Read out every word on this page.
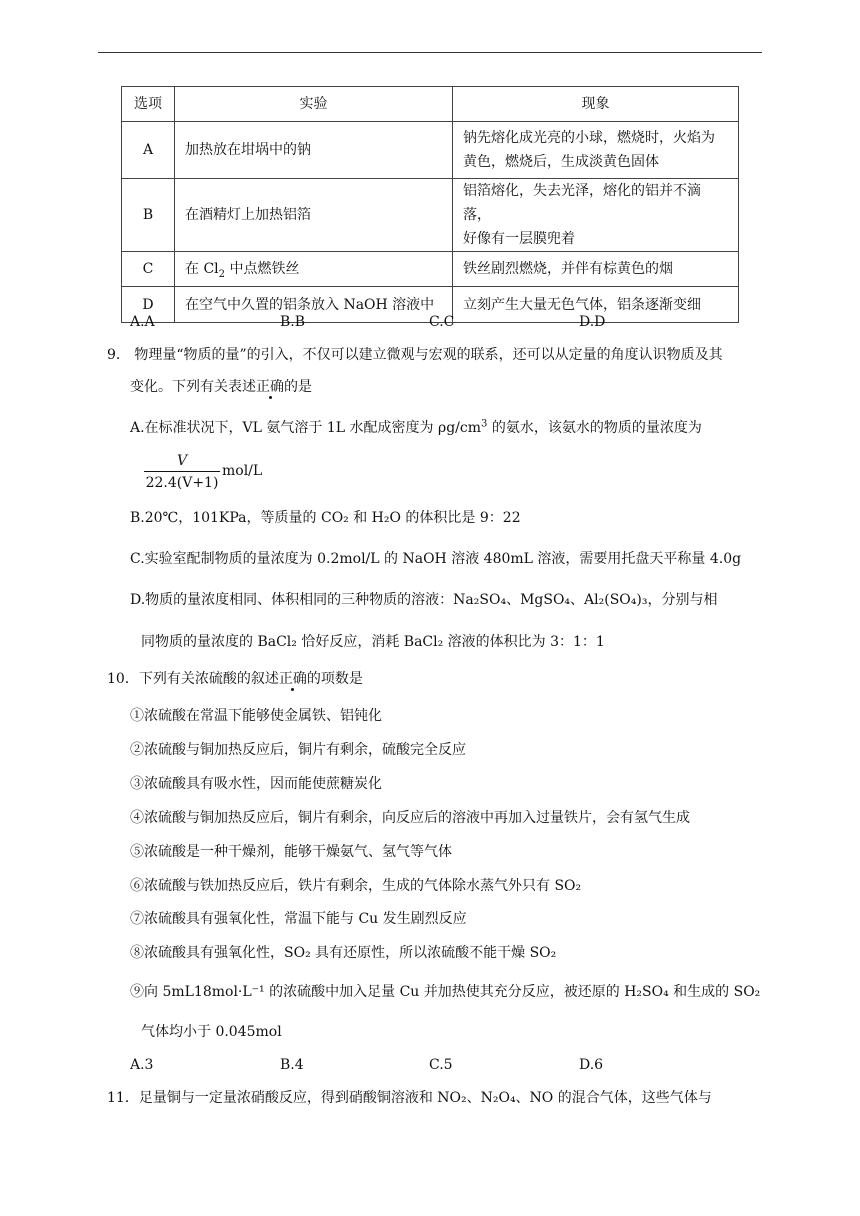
选项	实验	现象
A	加热放在坩埚中的钠	钠先熔化成光亮的小球，燃烧时，火焰为
黄色，燃烧后，生成淡黄色固体
B	在酒精灯上加热铝箔	铝箔熔化，失去光泽，熔化的铝并不滴落，
好像有一层膜兜着
C	在 $Cl_2$ 中点燃铁丝	铁丝剧烈燃烧，并伴有棕黄色的烟
D	在空气中久置的铝条放入 NaOH 溶液中	立刻产生大量无色气体，铝条逐渐变细
A.A	B.B	C.C	D.D
9． 物理量“物质的量”的引入，不仅可以建立微观与宏观的联系，还可以从定量的角度认识物质及其
变化。下列有关表述正确的是
A.在标准状况下，VL 氨气溶于 1L 水配成密度为 $\rho g/cm^3$ 的氨水，该氨水的物质的量浓度为
V
22.4(V+1)
mol/L
B.20℃，101KPa，等质量的 CO₂ 和 H₂O 的体积比是 9：22
C.实验室配制物质的量浓度为 0.2mol/L 的 NaOH 溶液 480mL 溶液，需要用托盘天平称量 4.0g
D.物质的量浓度相同、体积相同的三种物质的溶液：Na₂SO₄、MgSO₄、Al₂(SO₄)₃，分别与相
同物质的量浓度的 BaCl₂ 恰好反应，消耗 BaCl₂ 溶液的体积比为 3：1：1
10．下列有关浓硫酸的叙述正确的项数是
①浓硫酸在常温下能够使金属铁、铝钝化
②浓硫酸与铜加热反应后，铜片有剩余，硫酸完全反应
③浓硫酸具有吸水性，因而能使蔗糖炭化
④浓硫酸与铜加热反应后，铜片有剩余，向反应后的溶液中再加入过量铁片，会有氢气生成
⑤浓硫酸是一种干燥剂，能够干燥氨气、氢气等气体
⑥浓硫酸与铁加热反应后，铁片有剩余，生成的气体除水蒸气外只有 SO₂
⑦浓硫酸具有强氧化性，常温下能与 Cu 发生剧烈反应
⑧浓硫酸具有强氧化性，SO₂ 具有还原性，所以浓硫酸不能干燥 SO₂
⑨向 5mL18mol·L⁻¹ 的浓硫酸中加入足量 Cu 并加热使其充分反应，被还原的 H₂SO₄ 和生成的 SO₂
气体均小于 0.045mol
A.3	B.4	C.5	D.6
11．足量铜与一定量浓硝酸反应，得到硝酸铜溶液和 NO₂、N₂O₄、NO 的混合气体，这些气体与
